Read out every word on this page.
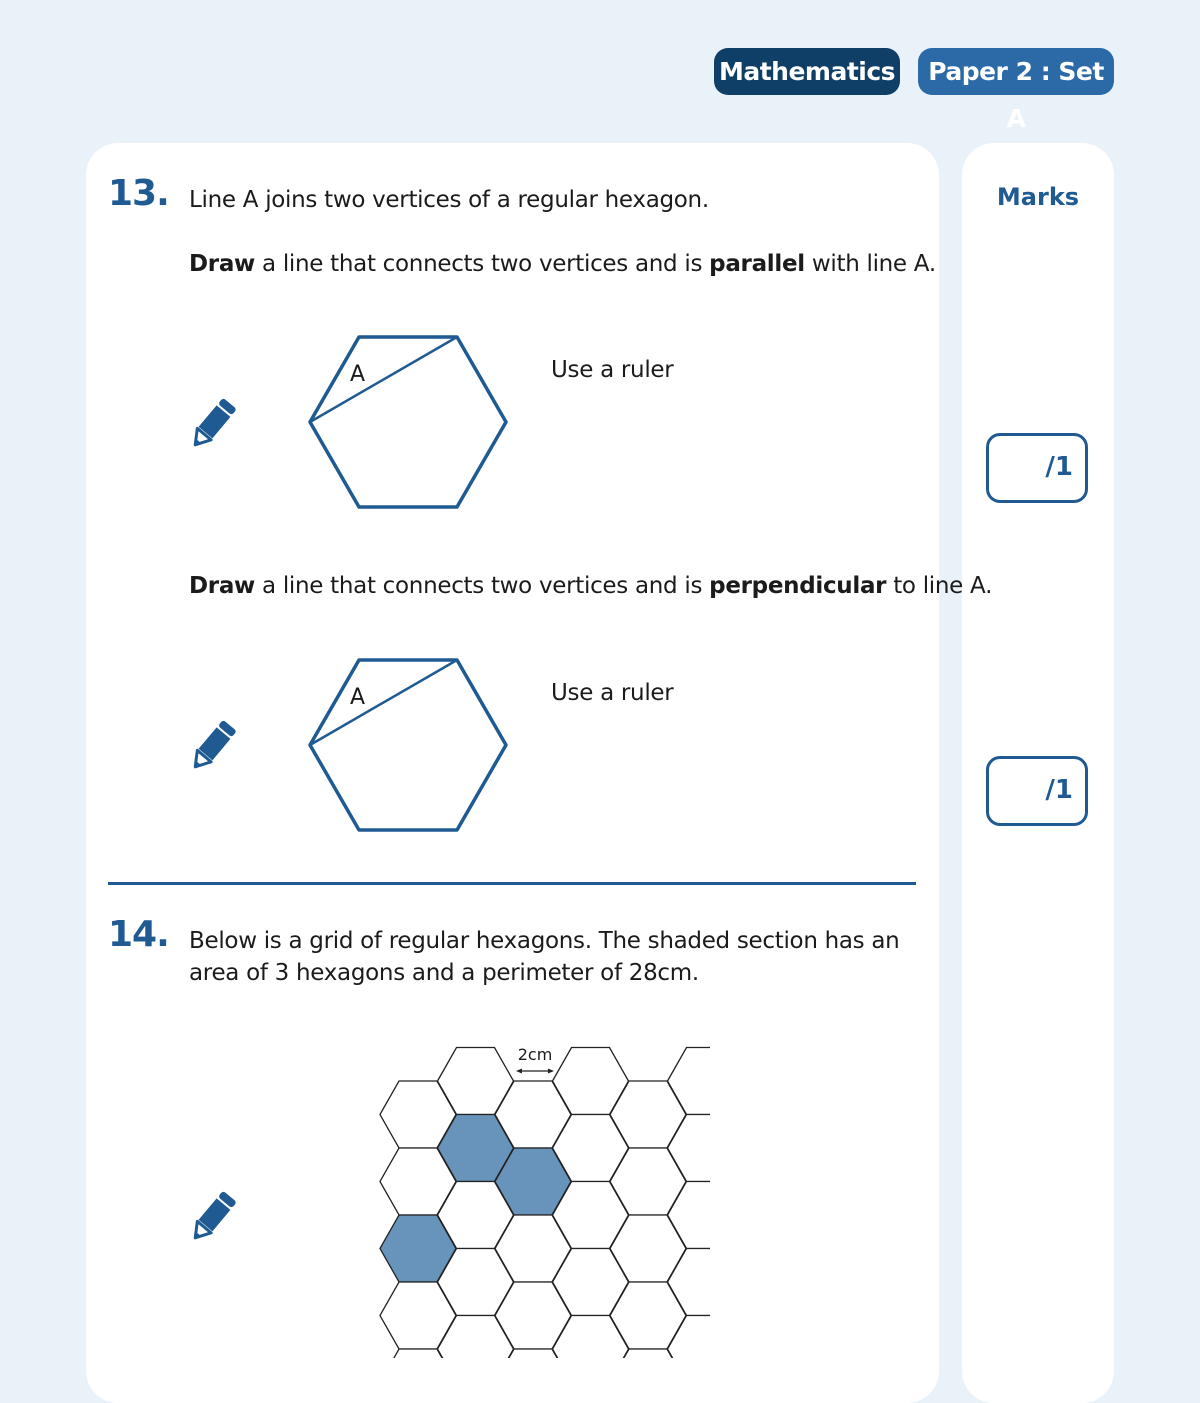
Mathematics	Paper 2 : Set A
Marks
/1
/1
13. Line A joins two vertices of a regular hexagon.
Draw a line that connects two vertices and is parallel with line A.
A	Use a ruler
Draw a line that connects two vertices and is perpendicular to line A.
A	Use a ruler
14. Below is a grid of regular hexagons. The shaded section has an
area of 3 hexagons and a perimeter of 28cm.
2cm
